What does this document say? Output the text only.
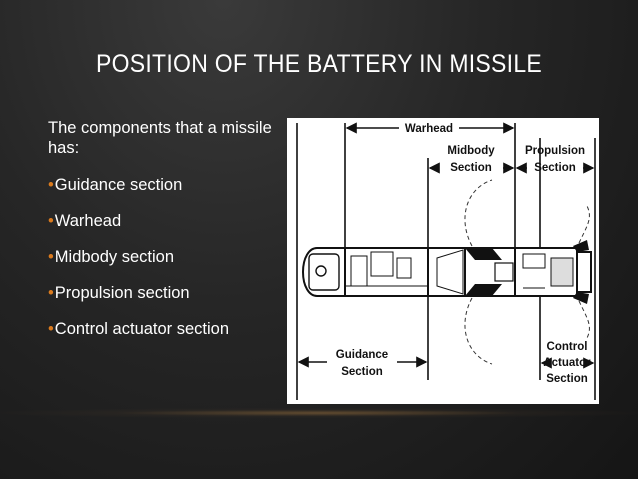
POSITION OF THE BATTERY IN MISSILE
The components that a missile has:
•Guidance section
•Warhead
•Midbody section
•Propulsion section
•Control actuator section
Warhead
Midbody
Section
Propulsion
Section
Guidance
Section
Control
Actuator
Section
